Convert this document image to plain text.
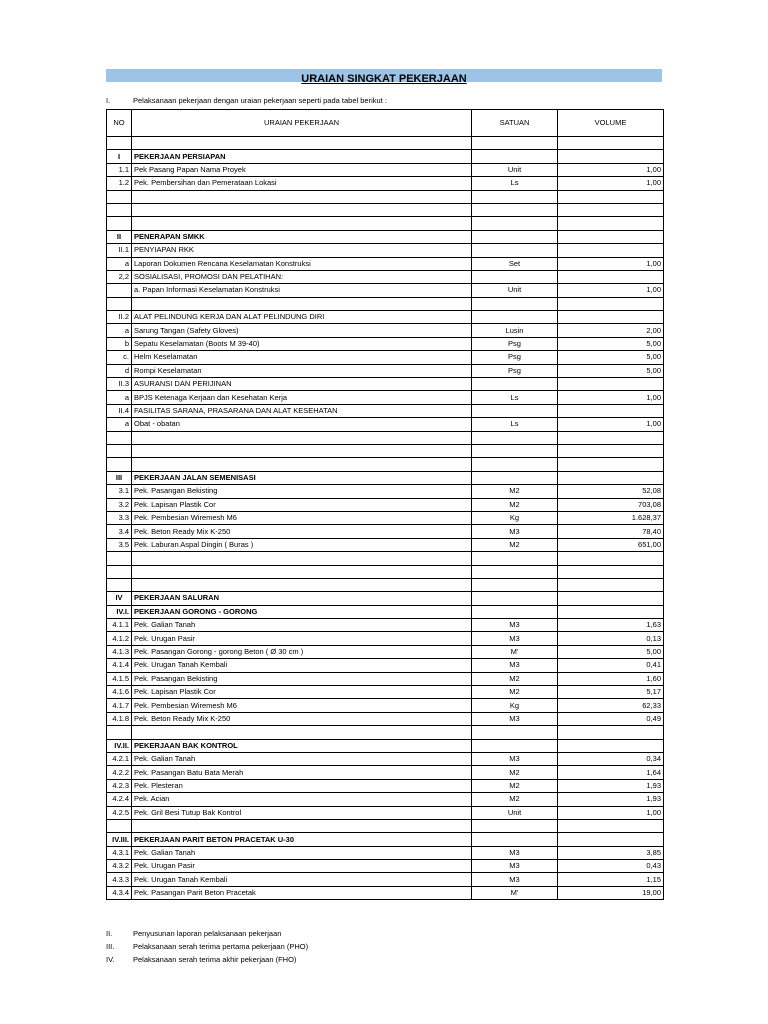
URAIAN SINGKAT PEKERJAAN
I.	Pelaksanaan pekerjaan dengan uraian pekerjaan seperti pada tabel berikut :
NO	URAIAN PEKERJAAN	SATUAN	VOLUME

I	PEKERJAAN PERSIAPAN		
1.1	Pek Pasang Papan Nama Proyek	Unit	1,00
1.2	Pek. Pembersihan dan Pemerataan Lokasi	Ls	1,00

II	PENERAPAN SMKK		
II.1	PENYIAPAN RKK		
a	Laporan Dokumen Rencana Keselamatan Konstruksi	Set	1,00
2,2	SOSIALISASI, PROMOSI DAN PELATIHAN:		
	a. Papan Informasi Keselamatan Konstruksi	Unit	1,00

II.2	ALAT PELINDUNG KERJA DAN ALAT PELINDUNG DIRI		
a	Sarung Tangan (Safety Gloves)	Lusin	2,00
b	Sepatu Keselamatan (Boots M 39-40)	Psg	5,00
c.	Helm Keselamatan	Psg	5,00
d	Rompi Keselamatan	Psg	5,00
II.3	ASURANSI DAN PERIJINAN		
a	BPJS Ketenaga Kerjaan dan Kesehatan Kerja	Ls	1,00
II.4	FASILITAS SARANA, PRASARANA DAN ALAT KESEHATAN		
a	Obat - obatan	Ls	1,00

III	PEKERJAAN JALAN SEMENISASI		
3.1	Pek. Pasangan Bekisting	M2	52,08
3.2	Pek. Lapisan Plastik Cor	M2	703,08
3.3	Pek. Pembesian Wiremesh M6	Kg	1.628,37
3.4	Pek. Beton Ready Mix K-250	M3	78,40
3.5	Pek. Laburan Aspal Dingin ( Buras )	M2	651,00

IV	PEKERJAAN SALURAN		
IV.I.	PEKERJAAN GORONG - GORONG		
4.1.1	Pek. Galian Tanah	M3	1,63
4.1.2	Pek. Urugan Pasir	M3	0,13
4.1.3	Pek. Pasangan Gorong - gorong Beton ( Ø 30 cm )	M'	5,00
4.1.4	Pek. Urugan Tanah Kembali	M3	0,41
4.1.5	Pek. Pasangan Bekisting	M2	1,60
4.1.6	Pek. Lapisan Plastik Cor	M2	5,17
4.1.7	Pek. Pembesian Wiremesh M6	Kg	62,33
4.1.8	Pek. Beton Ready Mix K-250	M3	0,49

IV.II.	PEKERJAAN BAK KONTROL		
4.2.1	Pek. Galian Tanah	M3	0,34
4.2.2	Pek. Pasangan Batu Bata Merah	M2	1,64
4.2.3	Pek. Plesteran	M2	1,93
4.2.4	Pek. Acian	M2	1,93
4.2.5	Pek. Gril Besi Tutup Bak Kontrol	Unit	1,00

IV.III.	PEKERJAAN PARIT BETON PRACETAK U-30		
4.3.1	Pek. Galian Tanah	M3	3,85
4.3.2	Pek. Urugan Pasir	M3	0,43
4.3.3	Pek. Urugan Tanah Kembali	M3	1,15
4.3.4	Pek. Pasangan Parit Beton Pracetak	M'	19,00
II.	Penyusunan laporan pelaksanaan pekerjaan
III. Pelaksanaan serah terima pertama pekerjaan (PHO)
IV. Pelaksanaan serah terima akhir pekerjaan (FHO)
